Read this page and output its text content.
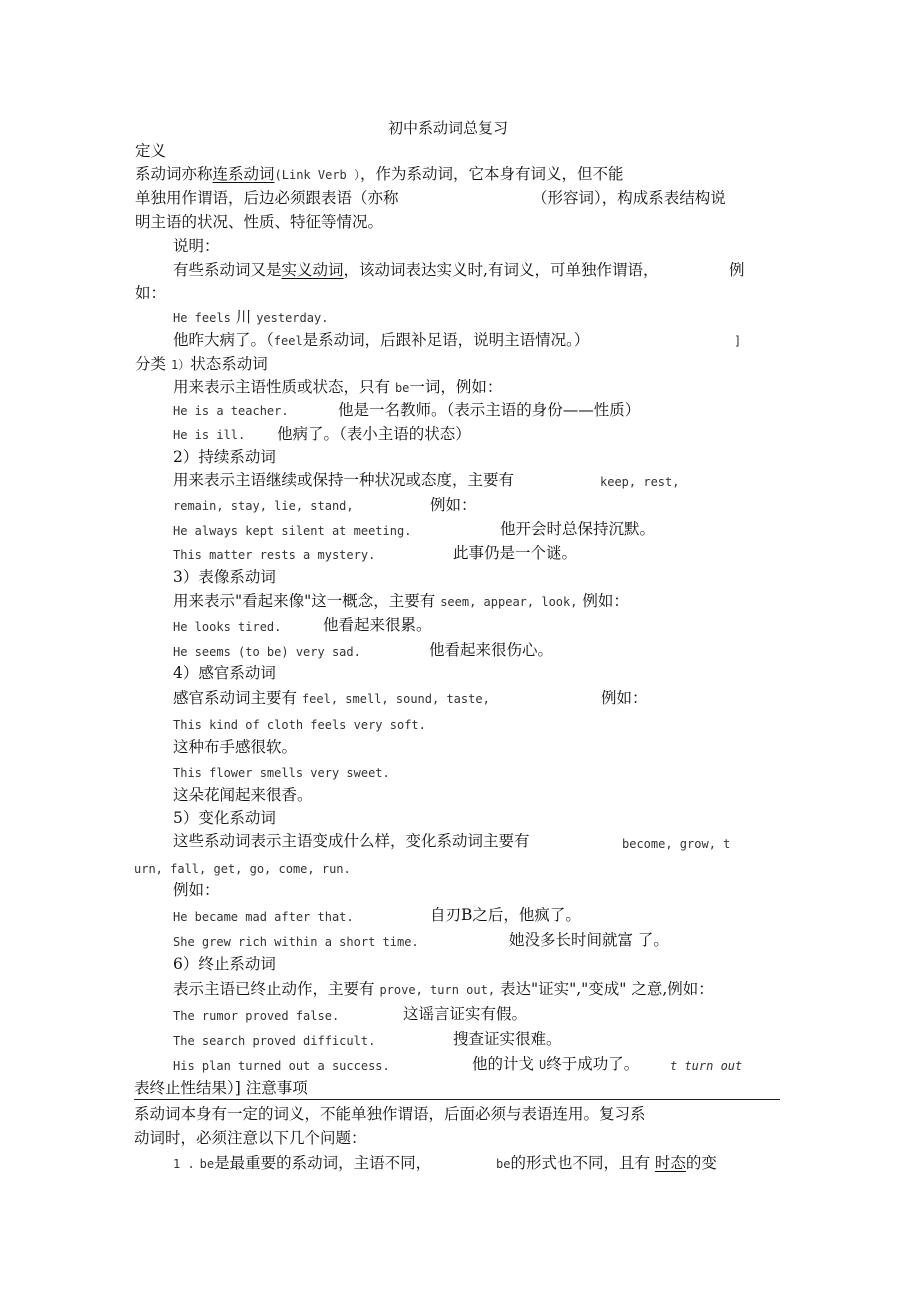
初中系动词总复习
定义
系动词亦称连系动词(Link Verb ），作为系动词，它本身有词义，但不能
单独用作谓语，后边必须跟表语（亦称	（形容词），构成系表结构说
明主语的状况、性质、特征等情况。
说明：
有些系动词又是实义动词，该动词表达实义时,有词义，可单独作谓语，	例
如：
He feels 川 yesterday.
他昨大病了。（feel是系动词，后跟补足语，说明主语情况。）	]
分类 1）状态系动词
用来表示主语性质或状态，只有 be一词，例如：
He is a teacher.	他是一名教师。（表示主语的身份——性质）
He is ill. 他病了。（表小主语的状态）
2）持续系动词
用来表示主语继续或保持一种状况或态度，主要有	keep, rest,
remain, stay, lie, stand,	例如：
He always kept silent at meeting.	他开会时总保持沉默。
This matter rests a mystery.	此事仍是一个谜。
3）表像系动词
用来表示"看起来像"这一概念，主要有 seem, appear, look, 例如：
He looks tired.	他看起来很累。
He seems (to be) very sad.	他看起来很伤心。
4）感官系动词
感官系动词主要有 feel, smell, sound, taste,	例如：
This kind of cloth feels very soft.
这种布手感很软。
This flower smells very sweet.
这朵花闻起来很香。
5）变化系动词
这些系动词表示主语变成什么样，变化系动词主要有	become, grow, t
urn, fall, get, go, come, run.
例如：
He became mad after that.	自刃B之后，他疯了。
She grew rich within a short time.	她没多长时间就富 了。
6）终止系动词
表示主语已终止动作，主要有 prove, turn out, 表达"证实","变成" 之意,例如：
The rumor proved false.	这谣言证实有假。
The search proved difficult.	搜查证实很难。
His plan turned out a success.	他的计戈 U终于成功了。	t turn out
表终止性结果）] 注意事项
系动词本身有一定的词义，不能单独作谓语，后面必须与表语连用。复习系
动词时，必须注意以下几个问题：
1 . be是最重要的系动词，主语不同，	be的形式也不同，且有 时态的变
